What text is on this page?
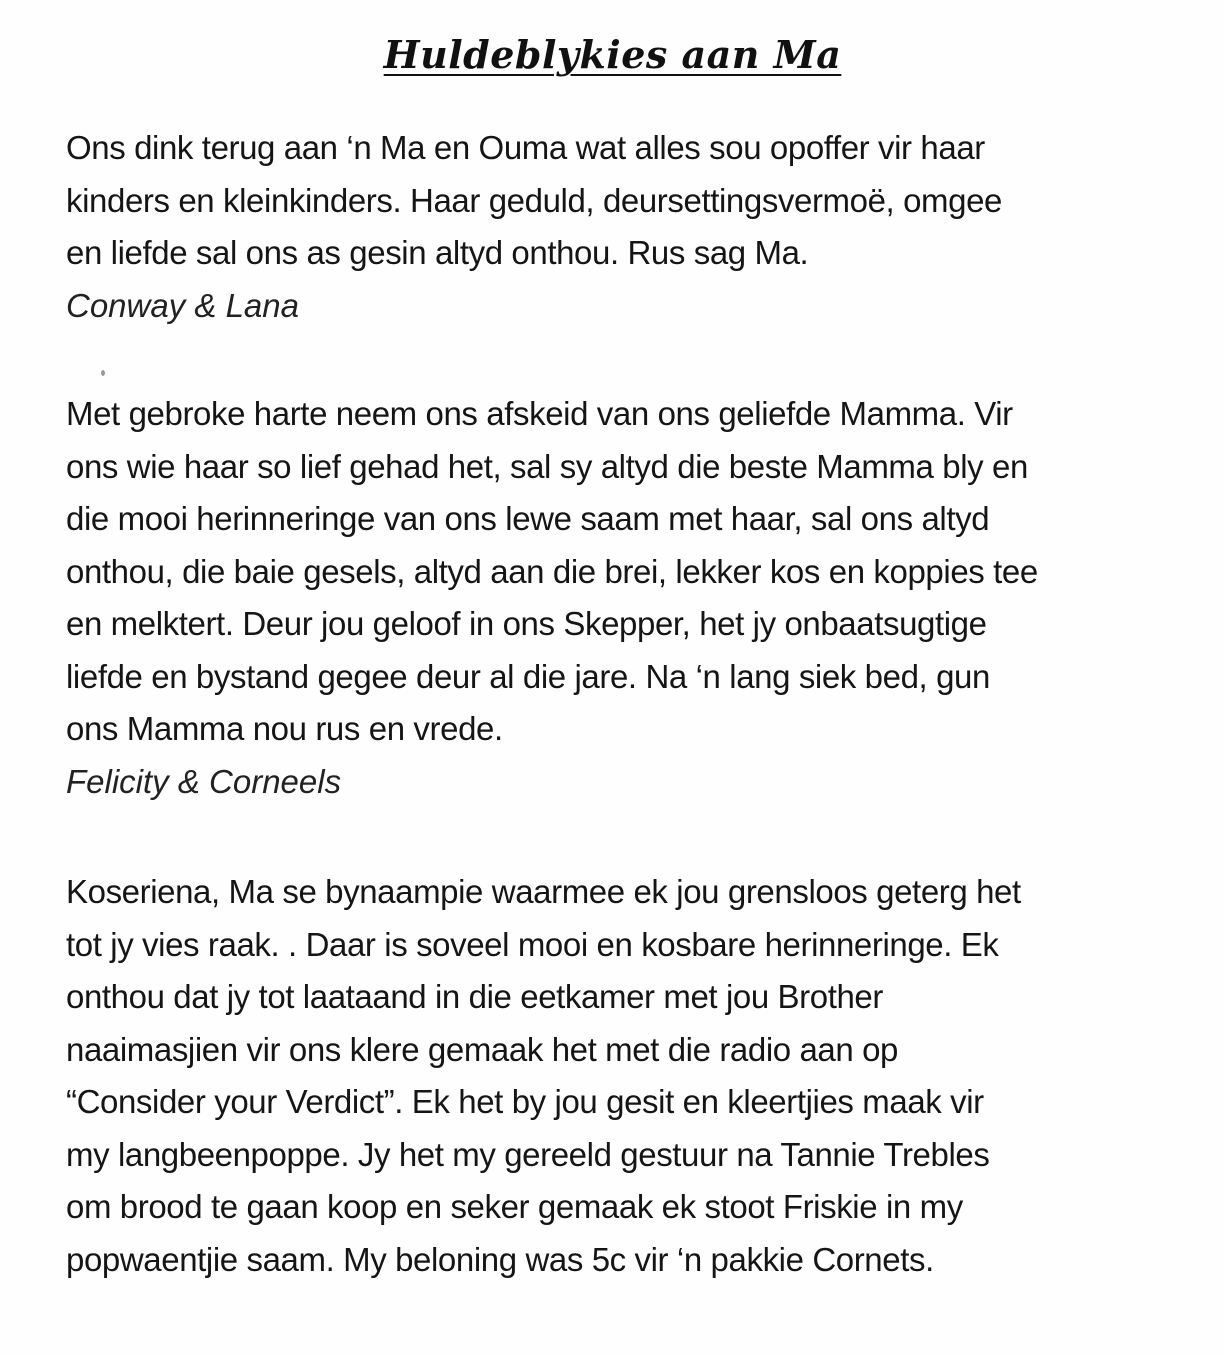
Huldeblykies aan Ma
Ons dink terug aan ‘n Ma en Ouma wat alles sou opoffer vir haar
kinders en kleinkinders. Haar geduld, deursettingsvermoë, omgee
en liefde sal ons as gesin altyd onthou. Rus sag Ma.
Conway & Lana
Met gebroke harte neem ons afskeid van ons geliefde Mamma. Vir
ons wie haar so lief gehad het, sal sy altyd die beste Mamma bly en
die mooi herinneringe van ons lewe saam met haar, sal ons altyd
onthou, die baie gesels, altyd aan die brei, lekker kos en koppies tee
en melktert. Deur jou geloof in ons Skepper, het jy onbaatsugtige
liefde en bystand gegee deur al die jare. Na ‘n lang siek bed, gun
ons Mamma nou rus en vrede.
Felicity & Corneels
Koseriena, Ma se bynaampie waarmee ek jou grensloos geterg het
tot jy vies raak. . Daar is soveel mooi en kosbare herinneringe. Ek
onthou dat jy tot laataand in die eetkamer met jou Brother
naaimasjien vir ons klere gemaak het met die radio aan op
“Consider your Verdict”. Ek het by jou gesit en kleertjies maak vir
my langbeenpoppe. Jy het my gereeld gestuur na Tannie Trebles
om brood te gaan koop en seker gemaak ek stoot Friskie in my
popwaentjie saam. My beloning was 5c vir ‘n pakkie Cornets.
